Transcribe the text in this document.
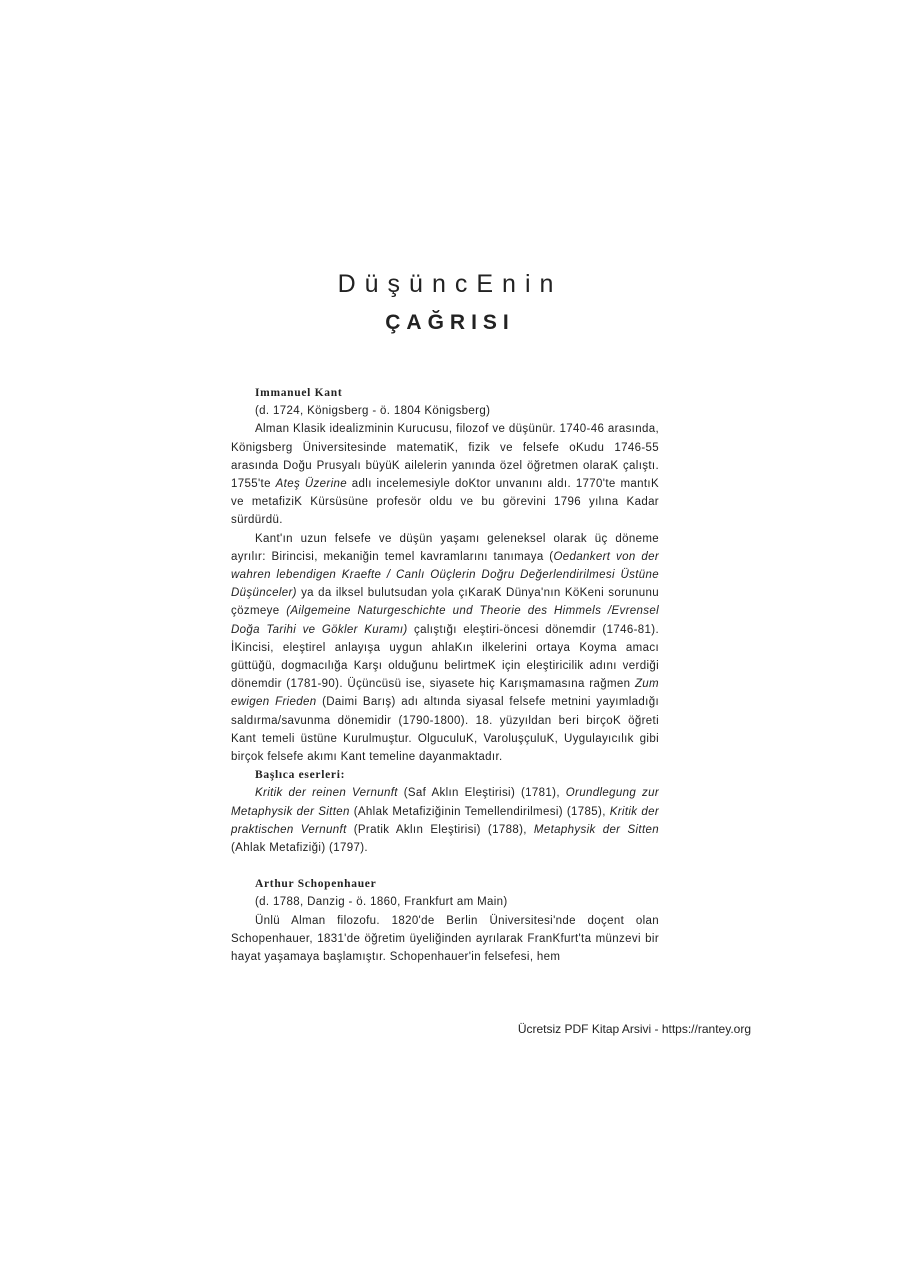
DüşüncEnin
ÇAĞRISI

Immanuel Kant

(d. 1724, Königsberg - ö. 1804 Königsberg)

Alman Klasik idealizminin Kurucusu, filozof ve düşünür. 1740-46 arasında, Königsberg Üniversitesinde matematiK, fizik ve felsefe oKudu 1746-55 arasında Doğu Prusyalı büyüK ailelerin yanında özel öğretmen olaraK çalıştı. 1755'te Ateş Üzerine adlı incelemesiyle doKtor unvanını aldı. 1770'te mantıK ve metafiziK Kürsüsüne profesör oldu ve bu görevini 1796 yılına Kadar sürdürdü.

Kant'ın uzun felsefe ve düşün yaşamı geleneksel olarak üç döneme ayrılır: Birincisi, mekaniğin temel kavramlarını tanımaya (Oedankert von der wahren lebendigen Kraefte / Canlı Oüçlerin Doğru Değerlendirilmesi Üstüne Düşünceler) ya da ilksel bulutsudan yola çıKaraK Dünya'nın KöKeni sorununu çözmeye (Ailgemeine Naturgeschichte und Theorie des Himmels /Evrensel Doğa Tarihi ve Gökler Kuramı) çalıştığı eleştiri-öncesi dönemdir (1746-81). İKincisi, eleştirel anlayışa uygun ahlaKın ilkelerini ortaya Koyma amacı güttüğü, dogmacılığa Karşı olduğunu belirtmeK için eleştiricilik adını verdiği dönemdir (1781-90). Üçüncüsü ise, siyasete hiç Karışmamasına rağmen Zum ewigen Frieden (Daimi Barış) adı altında siyasal felsefe metnini yayımladığı saldırma/savunma dönemidir (1790-1800). 18. yüzyıldan beri birçoK öğreti Kant temeli üstüne Kurulmuştur. OlguculuK, VaroluşçuluK, Uygulayıcılık gibi birçok felsefe akımı Kant temeline dayanmaktadır.

Başlıca eserleri:

Kritik der reinen Vernunft (Saf Aklın Eleştirisi) (1781), Orundlegung zur Metaphysik der Sitten (Ahlak Metafiziğinin Temellendirilmesi) (1785), Kritik der praktischen Vernunft (Pratik Aklın Eleştirisi) (1788), Metaphysik der Sitten (Ahlak Metafiziği) (1797).

Arthur Schopenhauer

(d. 1788, Danzig - ö. 1860, Frankfurt am Main)

Ünlü Alman filozofu. 1820'de Berlin Üniversitesi'nde doçent olan Schopenhauer, 1831'de öğretim üyeliğinden ayrılarak FranKfurt'ta münzevi bir hayat yaşamaya başlamıştır. Schopenhauer'in felsefesi, hem

Ücretsiz PDF Kitap Arsivi - https://rantey.org
